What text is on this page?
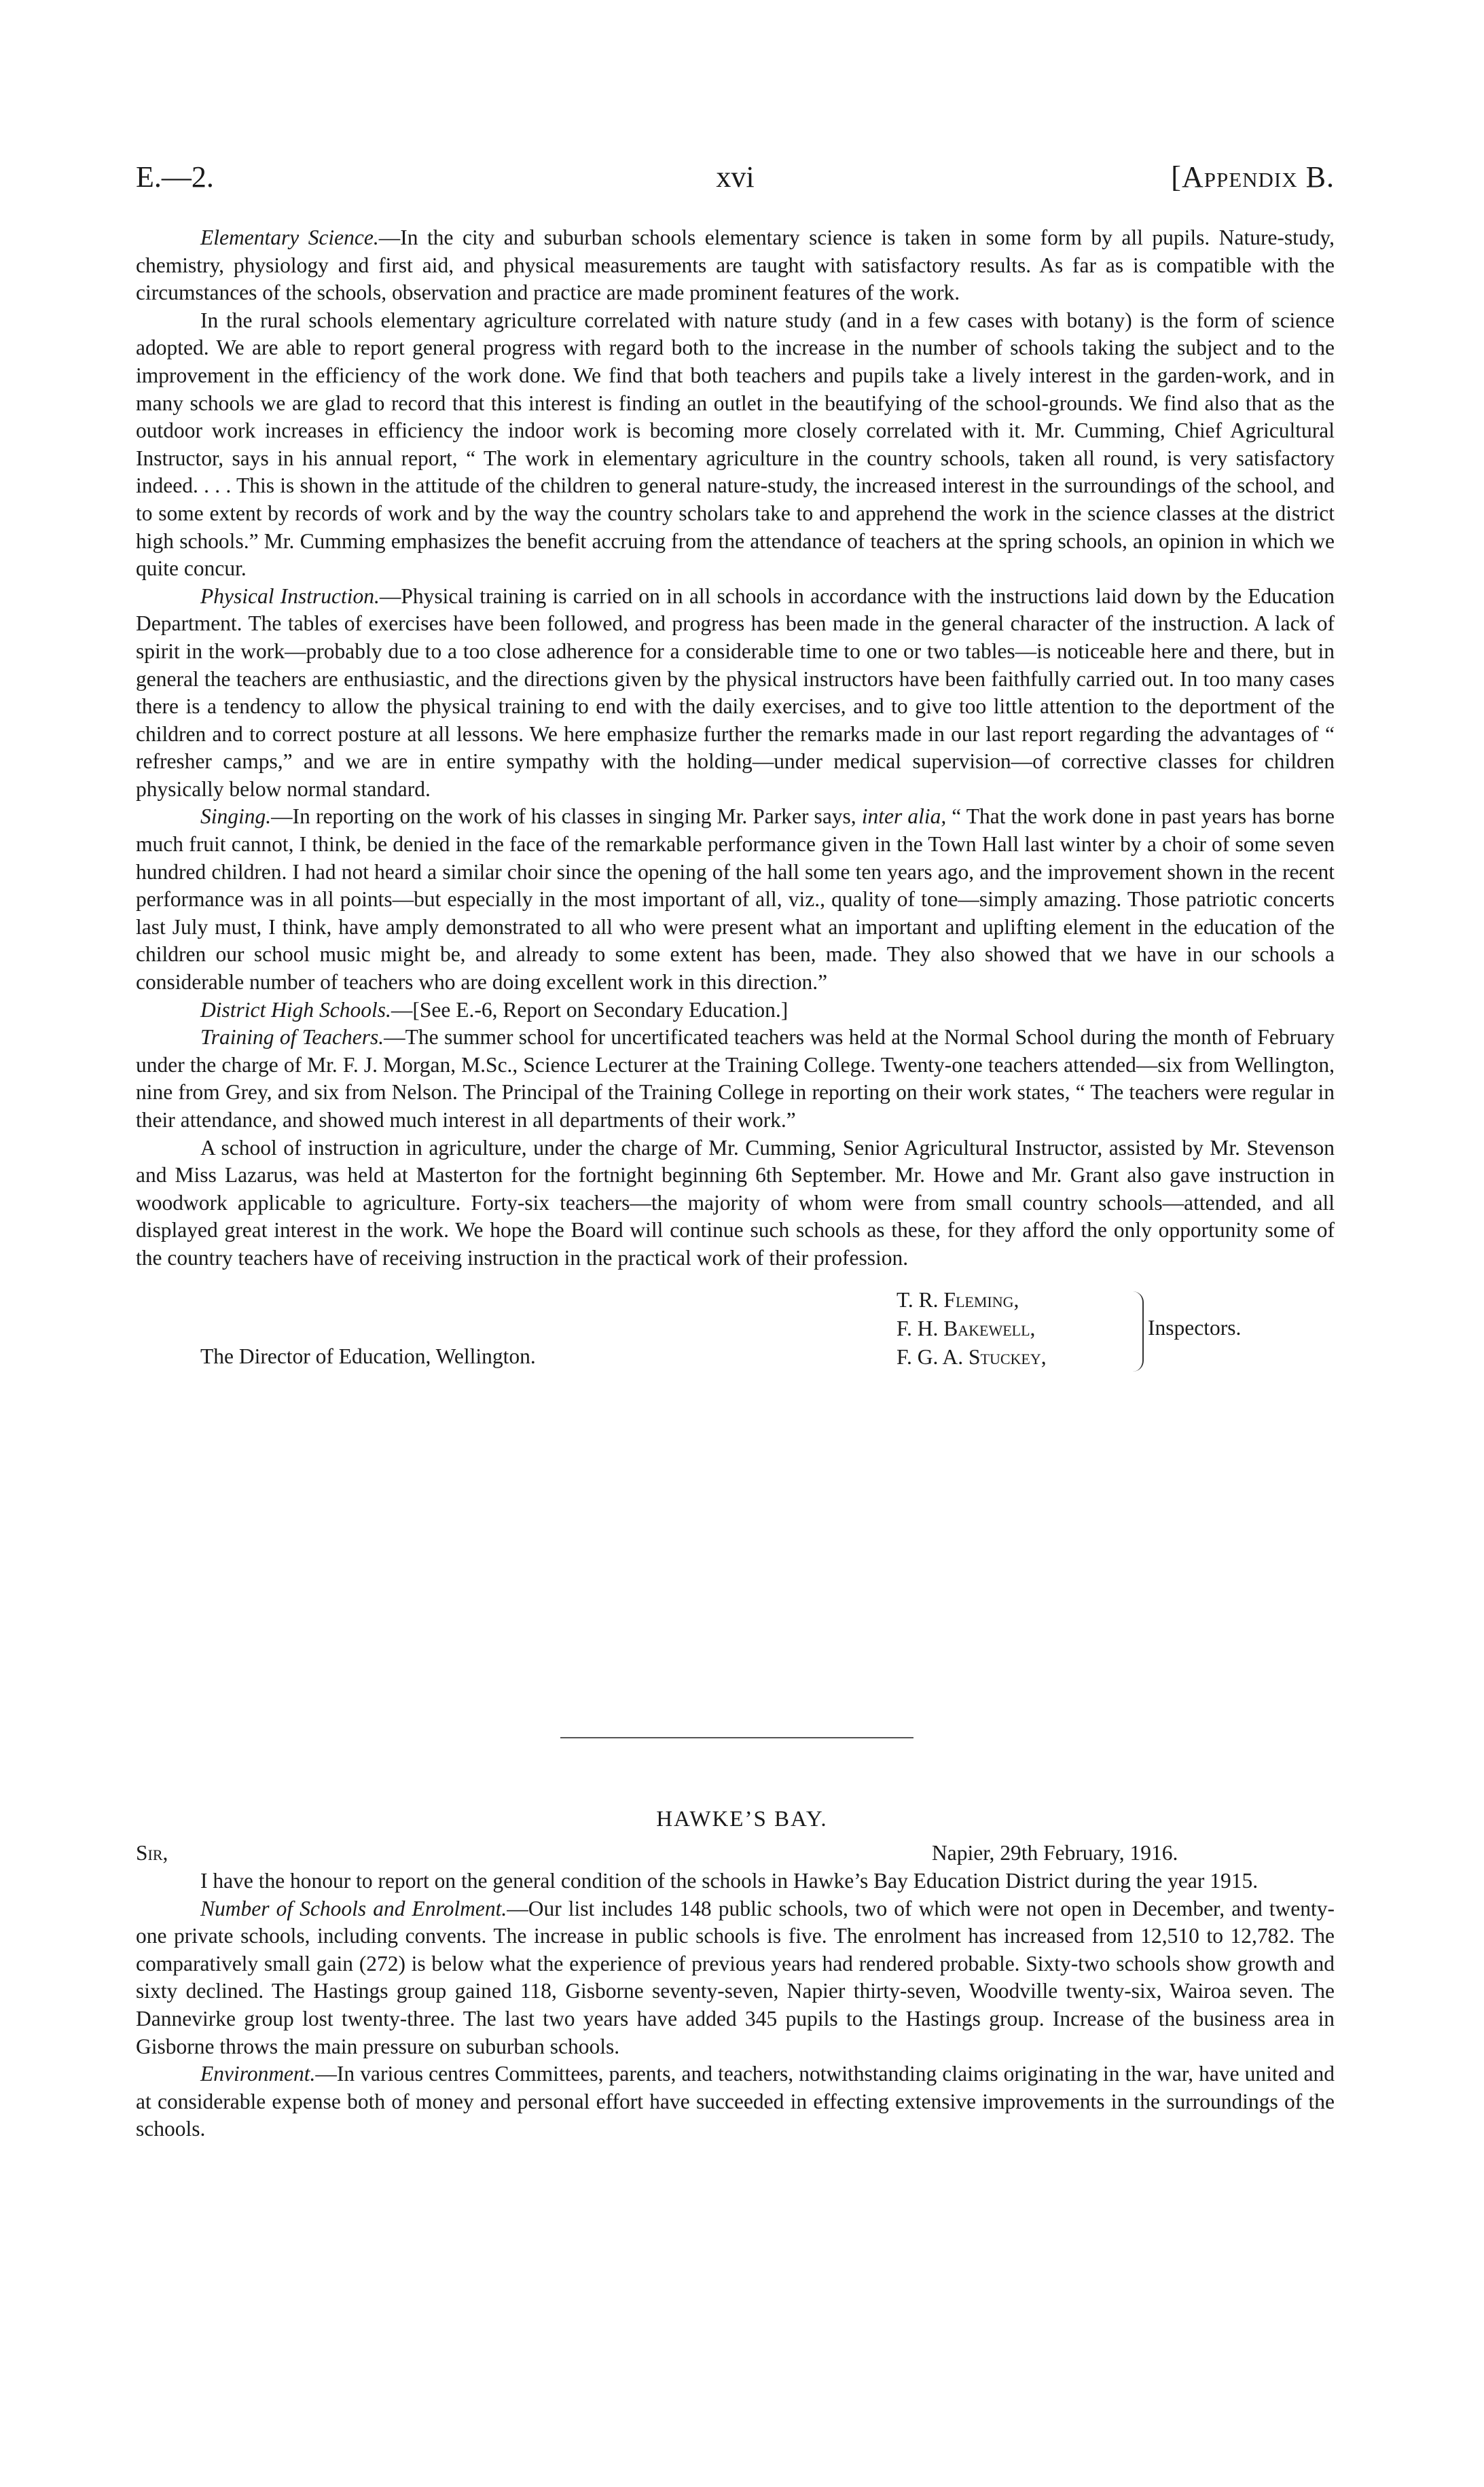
E.—2.	xvi	[Appendix B.

Elementary Science.—In the city and suburban schools elementary science is taken in some form by all pupils. Nature-study, chemistry, physiology and first aid, and physical measurements are taught with satisfactory results. As far as is compatible with the circumstances of the schools, observation and practice are made prominent features of the work.

In the rural schools elementary agriculture correlated with nature study (and in a few cases with botany) is the form of science adopted. We are able to report general progress with regard both to the increase in the number of schools taking the subject and to the improvement in the efficiency of the work done. We find that both teachers and pupils take a lively interest in the garden-work, and in many schools we are glad to record that this interest is finding an outlet in the beautifying of the school-grounds. We find also that as the outdoor work increases in efficiency the indoor work is becoming more closely correlated with it. Mr. Cumming, Chief Agricultural Instructor, says in his annual report, “ The work in elementary agriculture in the country schools, taken all round, is very satisfactory indeed. . . . This is shown in the attitude of the children to general nature-study, the increased interest in the surroundings of the school, and to some extent by records of work and by the way the country scholars take to and apprehend the work in the science classes at the district high schools.” Mr. Cumming emphasizes the benefit accruing from the attendance of teachers at the spring schools, an opinion in which we quite concur.

Physical Instruction.—Physical training is carried on in all schools in accordance with the instructions laid down by the Education Department. The tables of exercises have been followed, and progress has been made in the general character of the instruction. A lack of spirit in the work—probably due to a too close adherence for a considerable time to one or two tables—is noticeable here and there, but in general the teachers are enthusiastic, and the directions given by the physical instructors have been faithfully carried out. In too many cases there is a tendency to allow the physical training to end with the daily exercises, and to give too little attention to the deportment of the children and to correct posture at all lessons. We here emphasize further the remarks made in our last report regarding the advantages of “ refresher camps,” and we are in entire sympathy with the holding—under medical supervision—of corrective classes for children physically below normal standard.

Singing.—In reporting on the work of his classes in singing Mr. Parker says, inter alia, “ That the work done in past years has borne much fruit cannot, I think, be denied in the face of the remarkable performance given in the Town Hall last winter by a choir of some seven hundred children. I had not heard a similar choir since the opening of the hall some ten years ago, and the improvement shown in the recent performance was in all points—but especially in the most important of all, viz., quality of tone—simply amazing. Those patriotic concerts last July must, I think, have amply demonstrated to all who were present what an important and uplifting element in the education of the children our school music might be, and already to some extent has been, made. They also showed that we have in our schools a considerable number of teachers who are doing excellent work in this direction.”

District High Schools.—[See E.-6, Report on Secondary Education.]

Training of Teachers.—The summer school for uncertificated teachers was held at the Normal School during the month of February under the charge of Mr. F. J. Morgan, M.Sc., Science Lecturer at the Training College. Twenty-one teachers attended—six from Wellington, nine from Grey, and six from Nelson. The Principal of the Training College in reporting on their work states, “ The teachers were regular in their attendance, and showed much interest in all departments of their work.”

A school of instruction in agriculture, under the charge of Mr. Cumming, Senior Agricultural Instructor, assisted by Mr. Stevenson and Miss Lazarus, was held at Masterton for the fortnight beginning 6th September. Mr. Howe and Mr. Grant also gave instruction in woodwork applicable to agriculture. Forty-six teachers—the majority of whom were from small country schools—attended, and all displayed great interest in the work. We hope the Board will continue such schools as these, for they afford the only opportunity some of the country teachers have of receiving instruction in the practical work of their profession.

T. R. Fleming,
F. H. Bakewell,
F. G. A. Stuckey,
Inspectors.
The Director of Education, Wellington.
HAWKE’S BAY.
Sir,	Napier, 29th February, 1916.

I have the honour to report on the general condition of the schools in Hawke’s Bay Education District during the year 1915.

Number of Schools and Enrolment.—Our list includes 148 public schools, two of which were not open in December, and twenty-one private schools, including convents. The increase in public schools is five. The enrolment has increased from 12,510 to 12,782. The comparatively small gain (272) is below what the experience of previous years had rendered probable. Sixty-two schools show growth and sixty declined. The Hastings group gained 118, Gisborne seventy-seven, Napier thirty-seven, Woodville twenty-six, Wairoa seven. The Dannevirke group lost twenty-three. The last two years have added 345 pupils to the Hastings group. Increase of the business area in Gisborne throws the main pressure on suburban schools.

Environment.—In various centres Committees, parents, and teachers, notwithstanding claims originating in the war, have united and at considerable expense both of money and personal effort have succeeded in effecting extensive improvements in the surroundings of the schools.
